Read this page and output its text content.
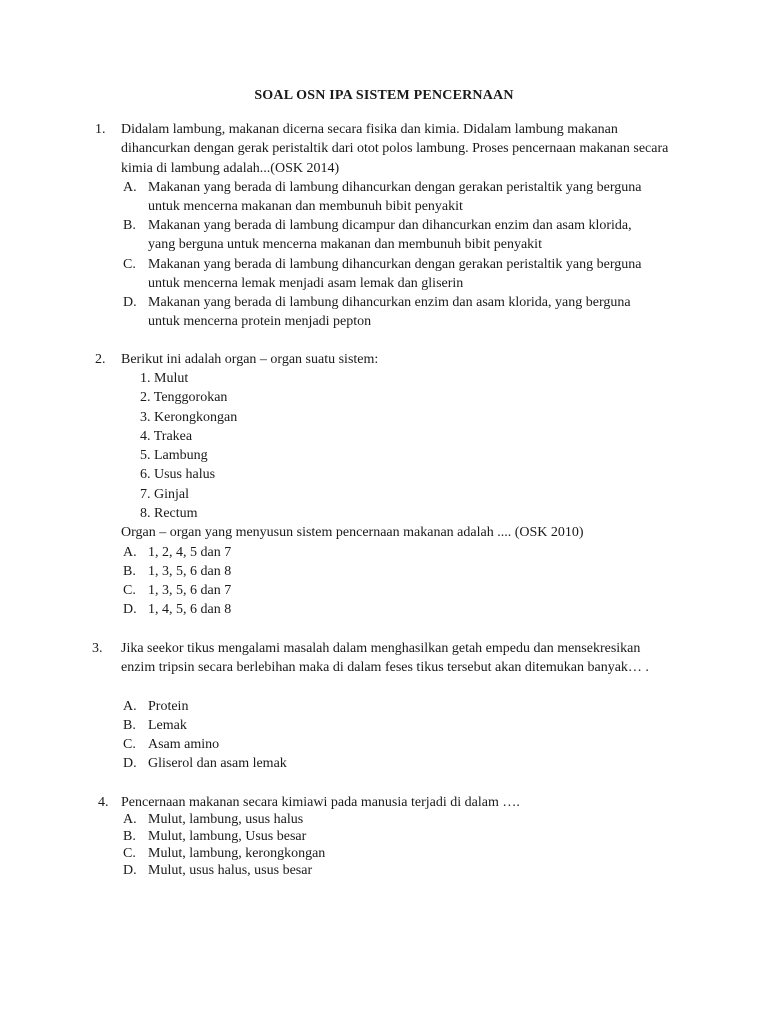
SOAL OSN IPA SISTEM PENCERNAAN
1. Didalam lambung, makanan dicerna secara fisika dan kimia. Didalam lambung makanan dihancurkan dengan gerak peristaltik dari otot polos lambung. Proses pencernaan makanan secara kimia di lambung adalah...(OSK 2014)
A. Makanan yang berada di lambung dihancurkan dengan gerakan peristaltik yang berguna untuk mencerna makanan dan membunuh bibit penyakit
B. Makanan yang berada di lambung dicampur dan dihancurkan enzim dan asam klorida, yang berguna untuk mencerna makanan dan membunuh bibit penyakit
C. Makanan yang berada di lambung dihancurkan dengan gerakan peristaltik yang berguna untuk mencerna lemak menjadi asam lemak dan gliserin
D. Makanan yang berada di lambung dihancurkan enzim dan asam klorida, yang berguna untuk mencerna protein menjadi pepton
2. Berikut ini adalah organ – organ suatu sistem:
1. Mulut
2. Tenggorokan
3. Kerongkongan
4. Trakea
5. Lambung
6. Usus halus
7. Ginjal
8. Rectum
Organ – organ yang menyusun sistem pencernaan makanan adalah .... (OSK 2010)
A. 1, 2, 4, 5 dan 7
B. 1, 3, 5, 6 dan 8
C. 1, 3, 5, 6 dan 7
D. 1, 4, 5, 6 dan 8
3. Jika seekor tikus mengalami masalah dalam menghasilkan getah empedu dan mensekresikan enzim tripsin secara berlebihan maka di dalam feses tikus tersebut akan ditemukan banyak… .
A. Protein
B. Lemak
C. Asam amino
D. Gliserol dan asam lemak
4. Pencernaan makanan secara kimiawi pada manusia terjadi di dalam ….
A. Mulut, lambung, usus halus
B. Mulut, lambung, Usus besar
C. Mulut, lambung, kerongkongan
D. Mulut, usus halus, usus besar
